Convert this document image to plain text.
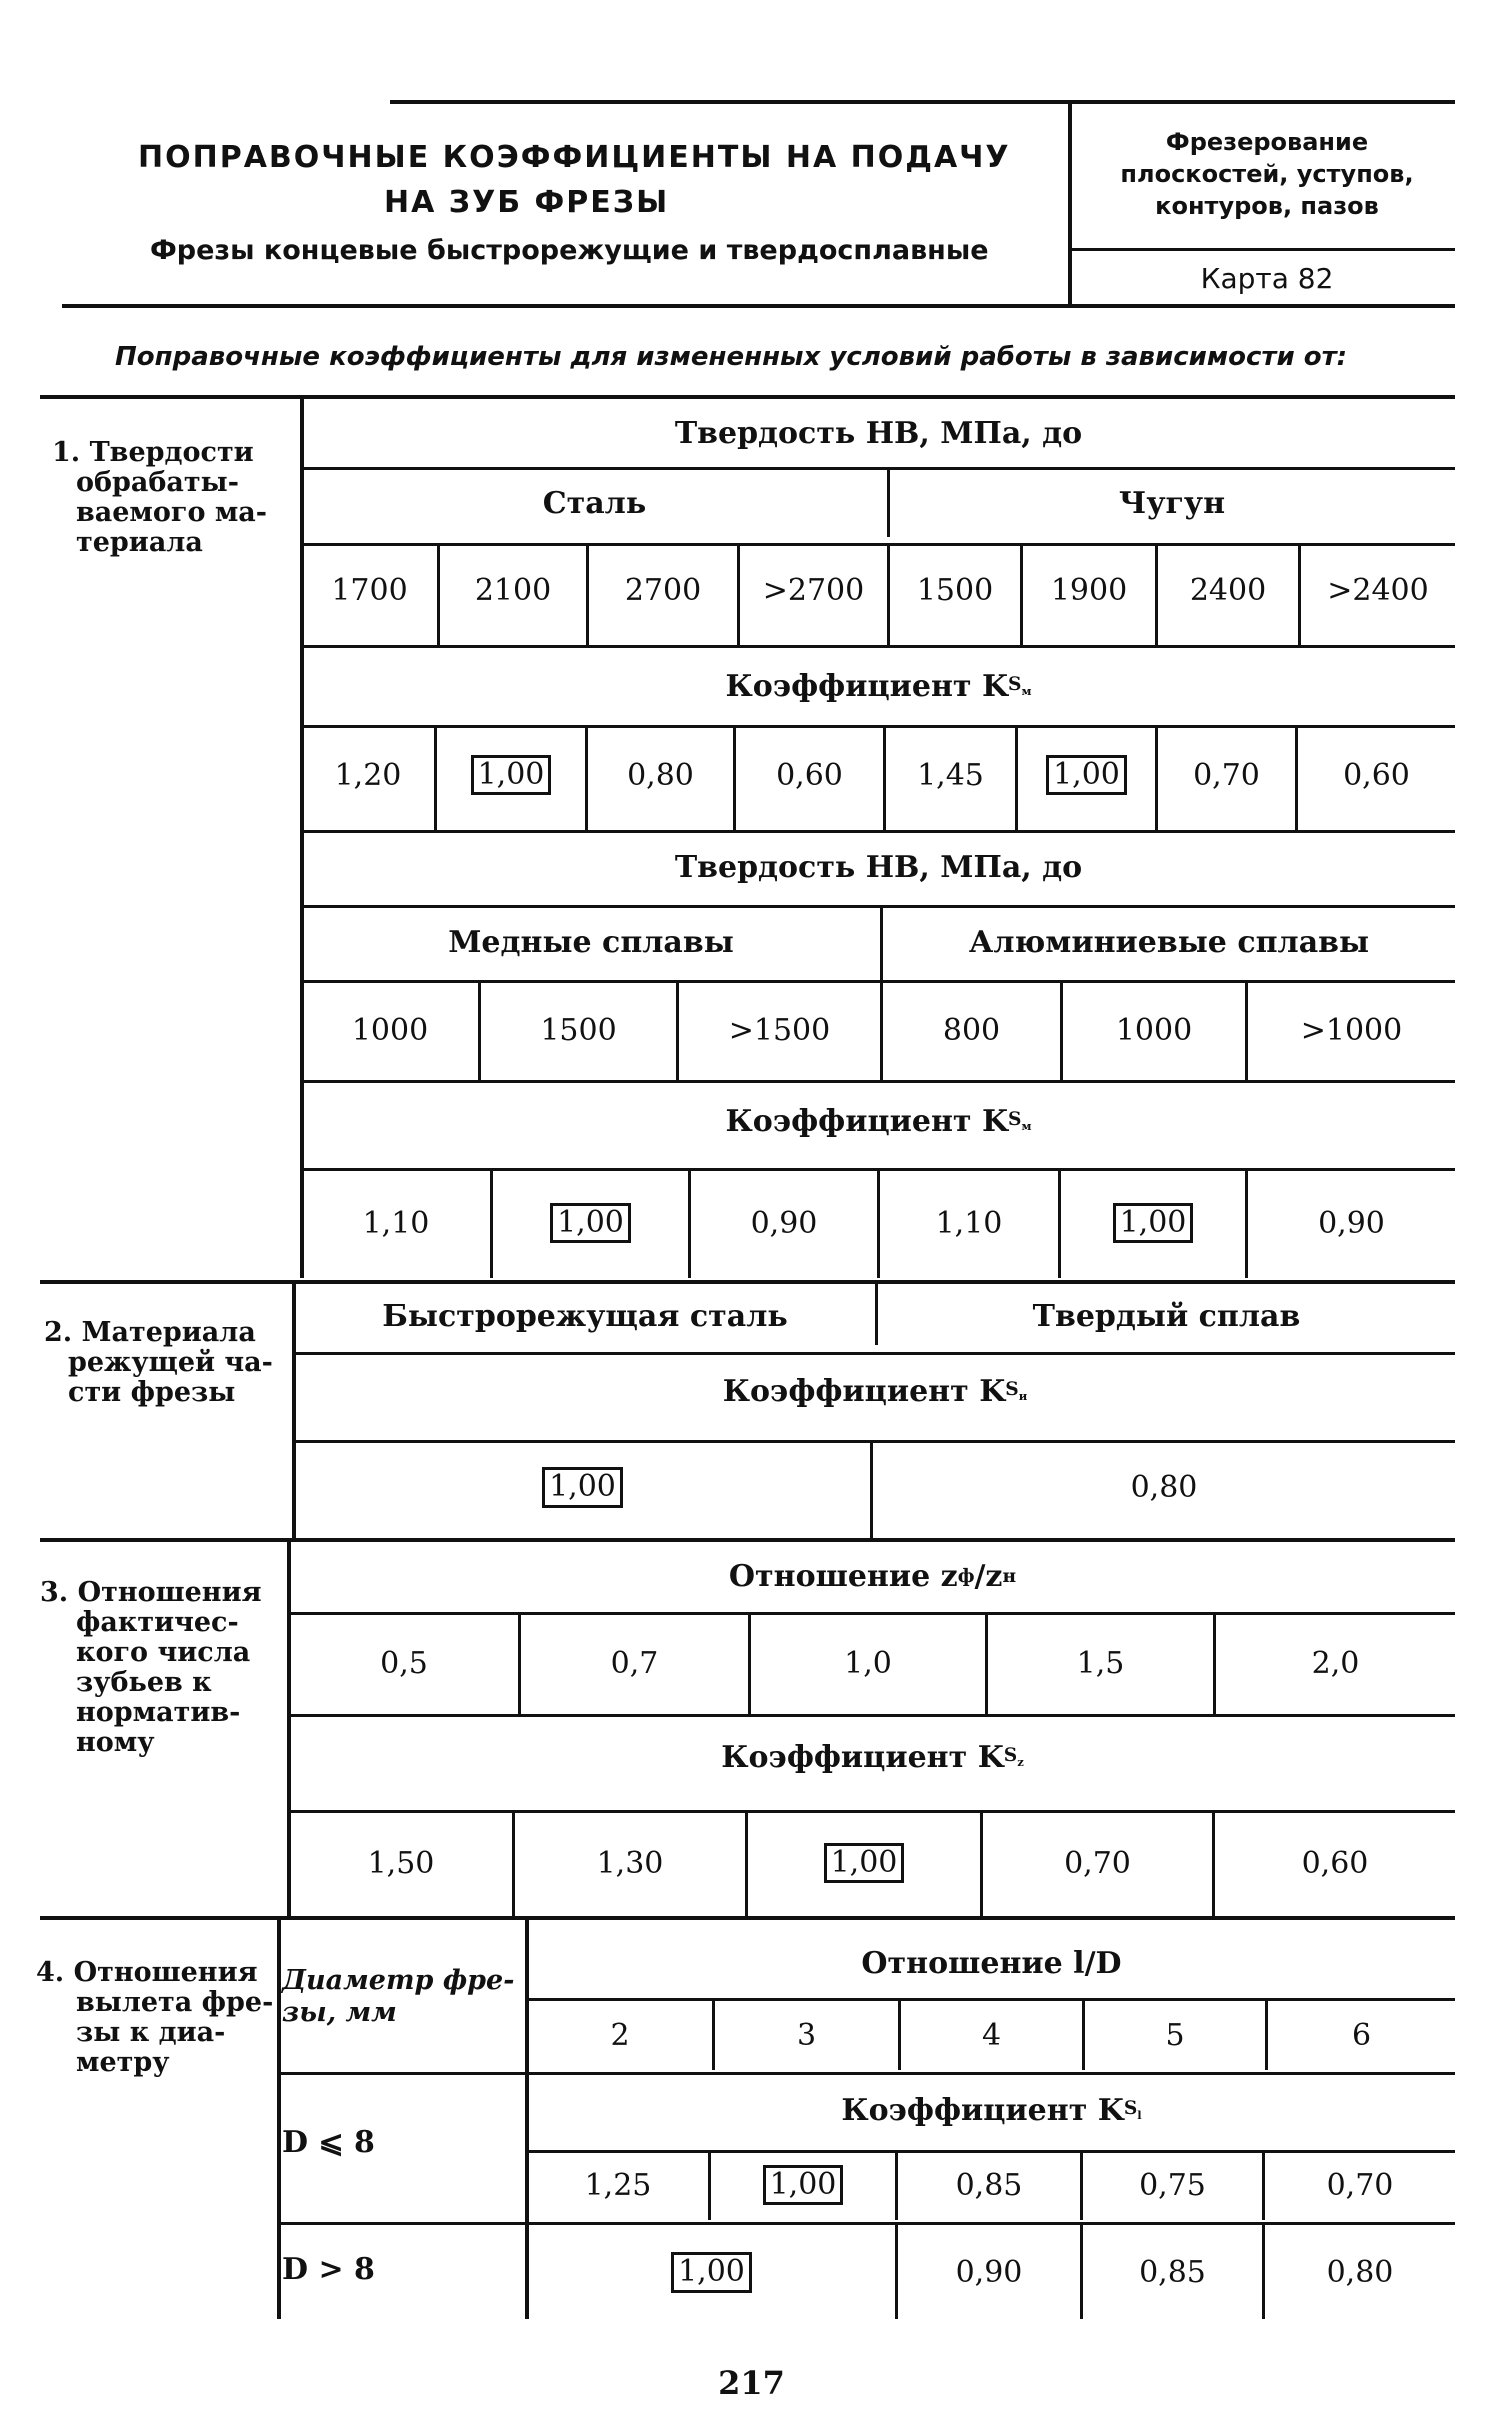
ПОПРАВОЧНЫЕ КОЭФФИЦИЕНТЫ НА ПОДАЧУ
НА ЗУБ ФРЕЗЫ
Фрезы концевые быстрорежущие и твердосплавные
Фрезерование
плоскостей, уступов,
контуров, пазов
Карта 82
Поправочные коэффициенты для измененных условий работы в зависимости от:
1. Твердости
обрабаты-
ваемого ма-
териала
Твердость НВ, МПа, до
Сталь	Чугун
1700	2100	2700	>2700	1500	1900	2400	>2400
Коэффициент
K $S_м$
1,20	1,00	0,80	0,60	1,45	1,00	0,70	0,60
Твердость НВ, МПа, до
Медные сплавы	Алюминиевые сплавы
1000	1500	>1500	800	1000	>1000
Коэффициент
K $S_м$
1,10	1,00	0,90	1,10	1,00	0,90
2. Материала
режущей ча-
сти фрезы
Быстрорежущая сталь	Твердый сплав
Коэффициент
K $S_и$
1,00	0,80
3. Отношения
фактичес-
кого числа
зубьев к
норматив-
ному
Отношение z ф /z н
0,5	0,7	1,0	1,5	2,0
Коэффициент
K $S_z$
1,50	1,30	1,00	0,70	0,60
4. Отношения
вылета фре-
зы к диа-
метру
Диаметр фре-
зы, мм
Отношение l/D
2	3	4	5	6
Коэффициент
K $S_l$
D ⩽ 8
1,25	1,00	0,85	0,75	0,70
D > 8	1,00	0,90	0,85	0,80
217
